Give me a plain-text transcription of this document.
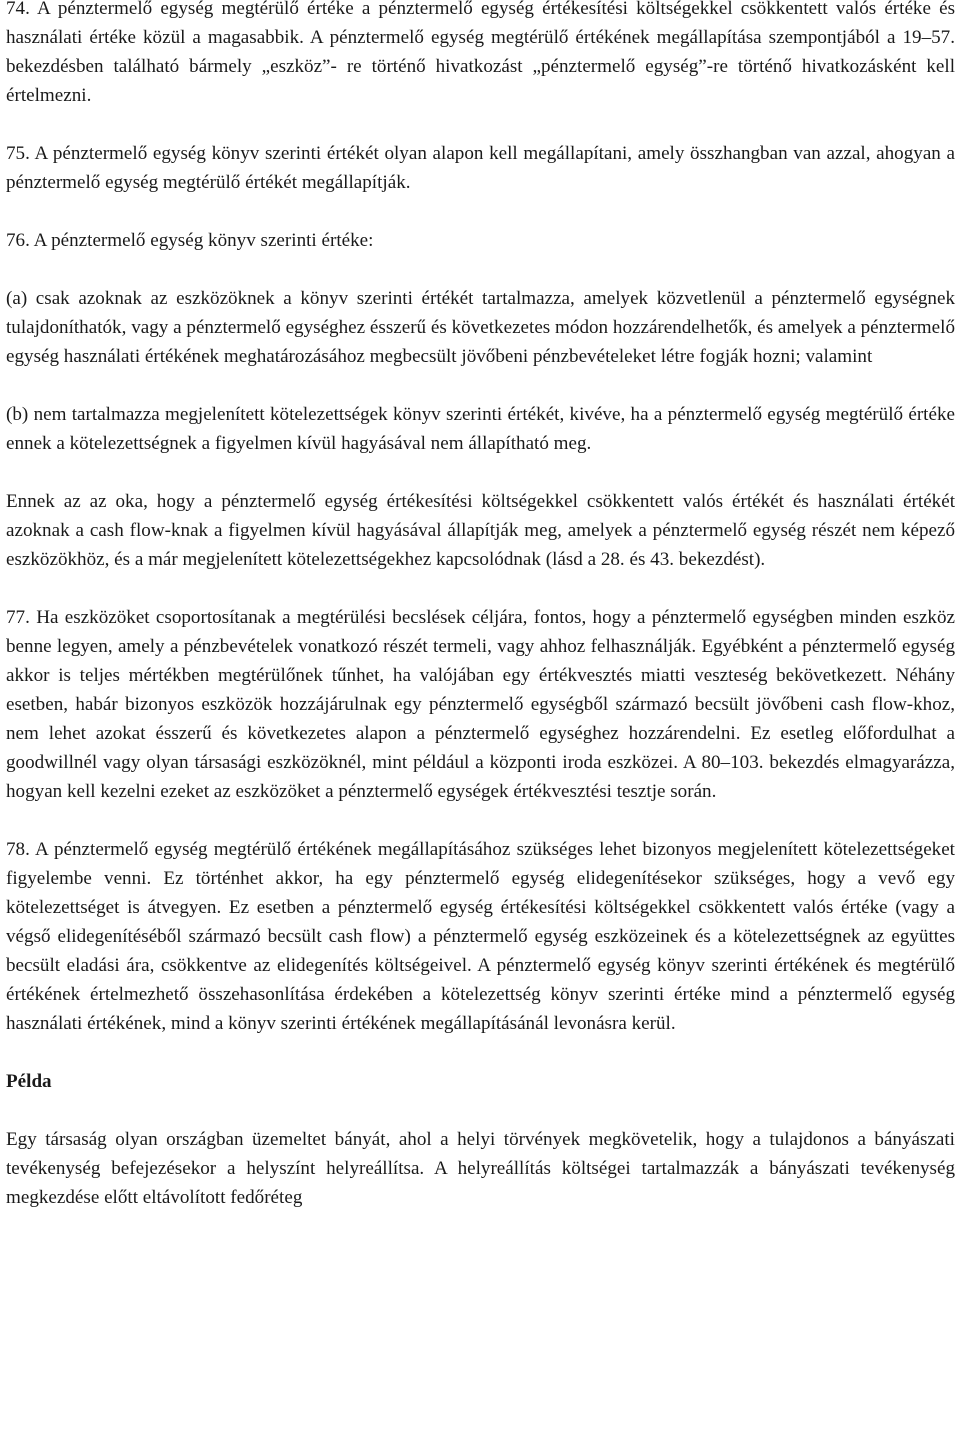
74. A pénztermelő egység megtérülő értéke a pénztermelő egység értékesítési költségekkel csökkentett valós értéke és használati értéke közül a magasabbik. A pénztermelő egység megtérülő értékének megállapítása szempontjából a 19–57. bekezdésben található bármely „eszköz”- re történő hivatkozást „pénztermelő egység”-re történő hivatkozásként kell értelmezni.

75. A pénztermelő egység könyv szerinti értékét olyan alapon kell megállapítani, amely összhangban van azzal, ahogyan a pénztermelő egység megtérülő értékét megállapítják.

76. A pénztermelő egység könyv szerinti értéke:

(a) csak azoknak az eszközöknek a könyv szerinti értékét tartalmazza, amelyek közvetlenül a pénztermelő egységnek tulajdoníthatók, vagy a pénztermelő egységhez ésszerű és következetes módon hozzárendelhetők, és amelyek a pénztermelő egység használati értékének meghatározásához megbecsült jövőbeni pénzbevételeket létre fogják hozni; valamint

(b) nem tartalmazza megjelenített kötelezettségek könyv szerinti értékét, kivéve, ha a pénztermelő egység megtérülő értéke ennek a kötelezettségnek a figyelmen kívül hagyásával nem állapítható meg.

Ennek az az oka, hogy a pénztermelő egység értékesítési költségekkel csökkentett valós értékét és használati értékét azoknak a cash flow-knak a figyelmen kívül hagyásával állapítják meg, amelyek a pénztermelő egység részét nem képező eszközökhöz, és a már megjelenített kötelezettségekhez kapcsolódnak (lásd a 28. és 43. bekezdést).

77. Ha eszközöket csoportosítanak a megtérülési becslések céljára, fontos, hogy a pénztermelő egységben minden eszköz benne legyen, amely a pénzbevételek vonatkozó részét termeli, vagy ahhoz felhasználják. Egyébként a pénztermelő egység akkor is teljes mértékben megtérülőnek tűnhet, ha valójában egy értékvesztés miatti veszteség bekövetkezett. Néhány esetben, habár bizonyos eszközök hozzájárulnak egy pénztermelő egységből származó becsült jövőbeni cash flow-khoz, nem lehet azokat ésszerű és következetes alapon a pénztermelő egységhez hozzárendelni. Ez esetleg előfordulhat a goodwillnél vagy olyan társasági eszközöknél, mint például a központi iroda eszközei. A 80–103. bekezdés elmagyarázza, hogyan kell kezelni ezeket az eszközöket a pénztermelő egységek értékvesztési tesztje során.

78. A pénztermelő egység megtérülő értékének megállapításához szükséges lehet bizonyos megjelenített kötelezettségeket figyelembe venni. Ez történhet akkor, ha egy pénztermelő egység elidegenítésekor szükséges, hogy a vevő egy kötelezettséget is átvegyen. Ez esetben a pénztermelő egység értékesítési költségekkel csökkentett valós értéke (vagy a végső elidegenítéséből származó becsült cash flow) a pénztermelő egység eszközeinek és a kötelezettségnek az együttes becsült eladási ára, csökkentve az elidegenítés költségeivel. A pénztermelő egység könyv szerinti értékének és megtérülő értékének értelmezhető összehasonlítása érdekében a kötelezettség könyv szerinti értéke mind a pénztermelő egység használati értékének, mind a könyv szerinti értékének megállapításánál levonásra kerül.

Példa

Egy társaság olyan országban üzemeltet bányát, ahol a helyi törvények megkövetelik, hogy a tulajdonos a bányászati tevékenység befejezésekor a helyszínt helyreállítsa. A helyreállítás költségei tartalmazzák a bányászati tevékenység megkezdése előtt eltávolított fedőréteg
